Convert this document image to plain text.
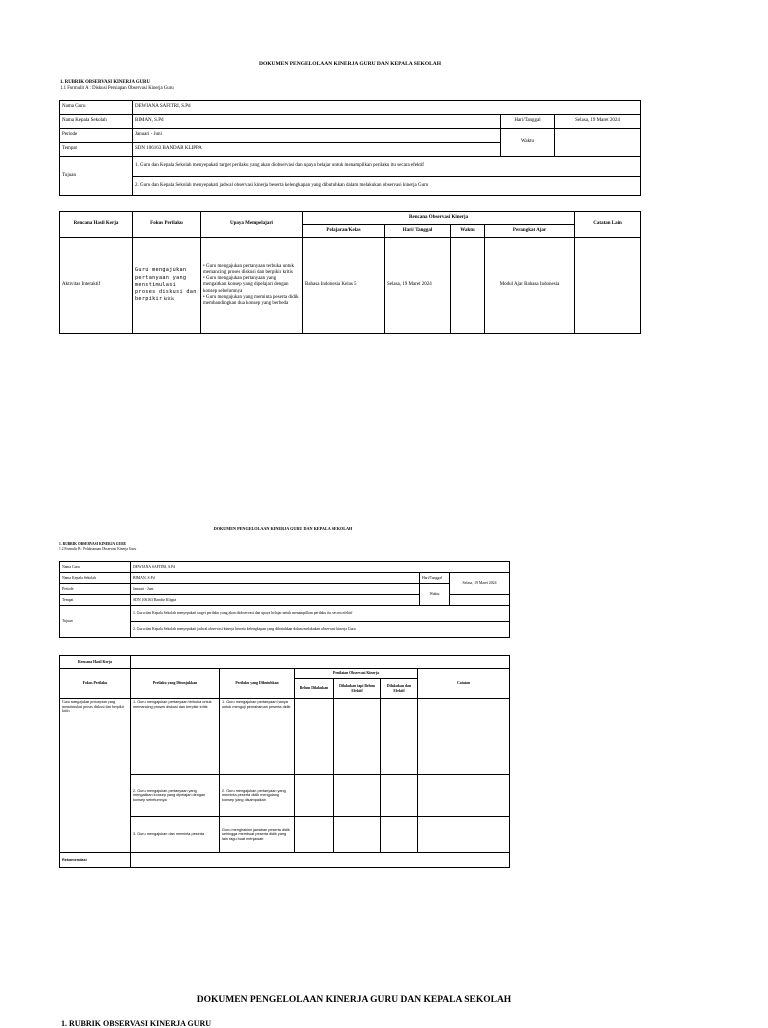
DOKUMEN PENGELOLAAN KINERJA GURU DAN KEPALA SEKOLAH
1. RUBRIK OBSERVASI KINERJA GURU
1.1 Formulir A : Diskusi Persiapan Observasi Kinerja Guru
Nama Guru	DEWIANA SAFITRI, S.Pd		
Nama Kepala Sekolah	BIMAN, S.Pd	Hari/Tanggal	Selasa, 19 Maret 2024
Periode	Januari - Juni	Waktu	
Tempat	SDN 106163 BANDAR KLIPPA		
Tujuan	1. Guru dan Kepala Sekolah menyepakati target perilaku yang akan diobservasi dan upaya belajar untuk menampilkan perilaku itu secara efektif		
	2. Guru dan Kepala Sekolah menyepakati jadwal observasi kinerja beserta kelengkapan yang dibutuhkan dalam melakukan observasi kinerja Guru		
Rencana Hasil Kerja	Fokus Perilaku	Upaya Mempelajari	Rencana Observasi Kinerja				Catatan Lain
			Pelajaran/Kelas	Hari/ Tanggal	Waktu	Perangkat Ajar	
Aktivitas Interaktif	Guru mengajukan pertanyaan yang menstimulasi proses diskusi dan berpikir kritis	• Guru mengajukan pertanyaan terbuka untuk memancing proses diskusi dan berpikir kritis
• Guru mengajukan pertanyaan yang mengaitkan konsep yang dipelajari dengan konsep sebelumnya
• Guru mengajukan yang meminta peserta didik membandingkan dua konsep yang berbeda	Bahasa Indonesia Kelas 5	Selasa, 19 Maret 2024		Modul Ajar Bahasa Indonesia	
DOKUMEN PENGELOLAAN KINERJA GURU DAN KEPALA SEKOLAH
1. RUBRIK OBSERVASI KINERJA GURU
1.2 Formulir B : Pelaksanaan Observasi Kinerja Guru
Nama Guru	DEWIANA SAFITRI, S.Pd		
Nama Kepala Sekolah	BIMAN, S.Pd	Hari/Tanggal	Selasa, 19 Maret 2024
Periode	Januari - Juni	Waktu	
Tempat	SDN 106163 Bandar Klippa		
Tujuan	1. Guru dan Kepala Sekolah menyepakati target perilaku yang akan diobservasi dan upaya belajar untuk menampilkan perilaku itu secara efektif		
	2. Guru dan Kepala Sekolah menyepakati jadwal observasi kinerja beserta kelengkapan yang dibutuhkan dalam melakukan observasi kinerja Guru		
Rencana Hasil Kerja						
Fokus Perilaku	Perilaku yang Ditunjukkan	Perilaku yang Dibutuhkan	Penilaian Observasi Kinerja			Catatan
			Belum Dilakukan	Dilakukan tapi Belum Efektif	Dilakukan dan Efektif	
Guru mengajukan pertanyaan yang menstimulasi proses diskusi dan berpikir kritis	1. Guru mengajukan pertanyaan terbuka untuk memancing proses diskusi dan berpikir kritis	1. Guru mengajukan pertanyaan hanya untuk menguji pemahaman peserta didik				
	2. Guru mengajukan pertanyaan yang mengaitkan konsep yang dipelajari dengan konsep sebelumnya	2. Guru mengajukan pertanyaan yang meminta peserta didik mengulang konsep yang disampaikan				
	3. Guru mengajukan dan meminta peserta	Guru menghakimi jawaban peserta didik sehingga membuat peserta didik yang lain ragu buat menjawab				
Rekomendasi						
DOKUMEN PENGELOLAAN KINERJA GURU DAN KEPALA SEKOLAH
1. RUBRIK OBSERVASI KINERJA GURU
